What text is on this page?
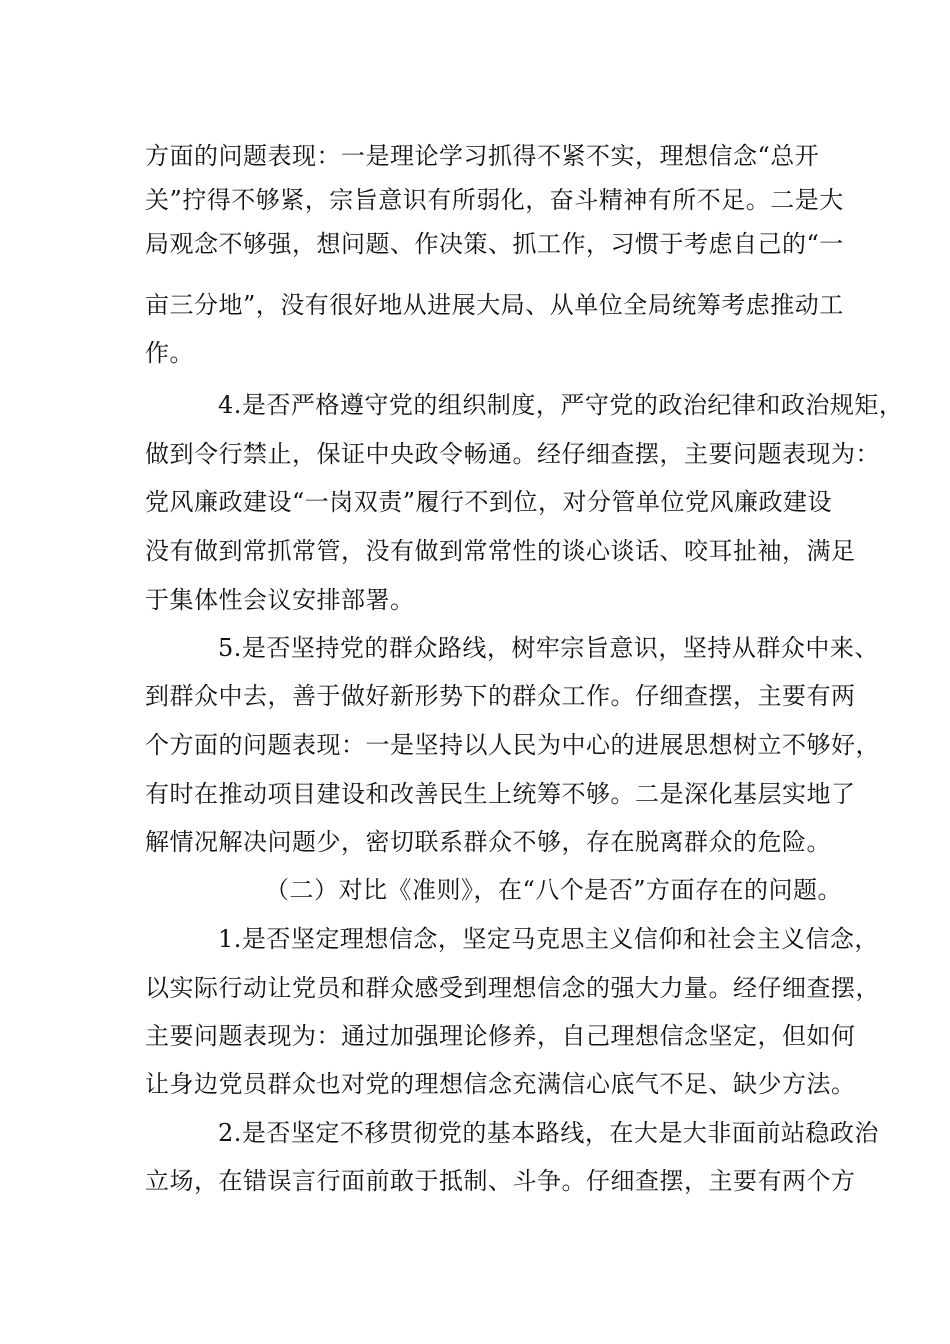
方面的问题表现：一是理论学习抓得不紧不实，理想信念“总开
关”拧得不够紧，宗旨意识有所弱化，奋斗精神有所不足。二是大
局观念不够强，想问题、作决策、抓工作，习惯于考虑自己的“一
亩三分地”，没有很好地从进展大局、从单位全局统筹考虑推动工
作。
4.是否严格遵守党的组织制度，严守党的政治纪律和政治规矩，
做到令行禁止，保证中央政令畅通。经仔细查摆，主要问题表现为：
党风廉政建设“一岗双责”履行不到位，对分管单位党风廉政建设
没有做到常抓常管，没有做到常常性的谈心谈话、咬耳扯袖，满足
于集体性会议安排部署。
5.是否坚持党的群众路线，树牢宗旨意识，坚持从群众中来、
到群众中去，善于做好新形势下的群众工作。仔细查摆，主要有两
个方面的问题表现：一是坚持以人民为中心的进展思想树立不够好，
有时在推动项目建设和改善民生上统筹不够。二是深化基层实地了
解情况解决问题少，密切联系群众不够，存在脱离群众的危险。
（二）对比《准则》，在“八个是否”方面存在的问题。
1.是否坚定理想信念，坚定马克思主义信仰和社会主义信念，
以实际行动让党员和群众感受到理想信念的强大力量。经仔细查摆，
主要问题表现为：通过加强理论修养，自己理想信念坚定，但如何
让身边党员群众也对党的理想信念充满信心底气不足、缺少方法。
2.是否坚定不移贯彻党的基本路线，在大是大非面前站稳政治
立场，在错误言行面前敢于抵制、斗争。仔细查摆，主要有两个方
